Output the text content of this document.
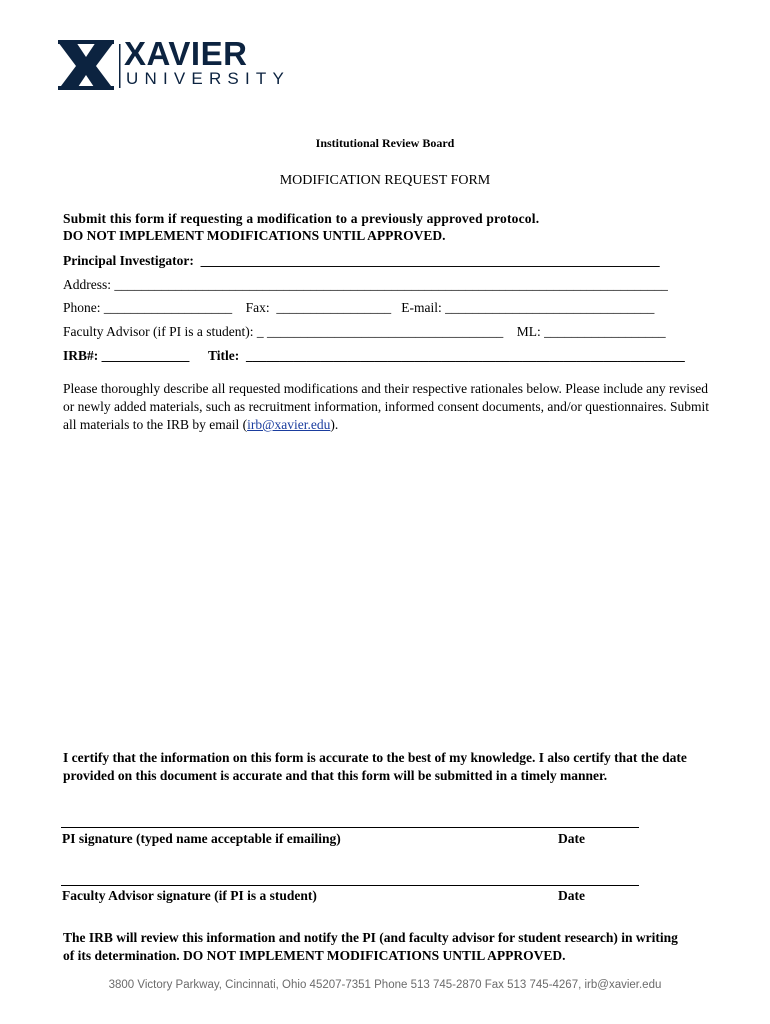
XAVIER
UNIVERSITY
Institutional Review Board
MODIFICATION REQUEST FORM
Submit this form if requesting a modification to a previously approved protocol.
DO NOT IMPLEMENT MODIFICATIONS UNTIL APPROVED.
Principal Investigator:  ____________________________________________________________________
Address: __________________________________________________________________________________
Phone: ___________________    Fax:  _________________   E-mail: _______________________________
Faculty Advisor (if PI is a student): _ ___________________________________    ML: __________________
IRB#: _____________ Title:  _________________________________________________________________
Please thoroughly describe all requested modifications and their respective rationales below. Please include any revised or newly added materials, such as recruitment information, informed consent documents, and/or questionnaires. Submit all materials to the IRB by email (irb@xavier.edu).
I certify that the information on this form is accurate to the best of my knowledge. I also certify that the date provided on this document is accurate and that this form will be submitted in a timely manner.
PI signature (typed name acceptable if emailing)	Date
Faculty Advisor signature (if PI is a student)	Date
The IRB will review this information and notify the PI (and faculty advisor for student research) in writing of its determination. DO NOT IMPLEMENT MODIFICATIONS UNTIL APPROVED.
3800 Victory Parkway, Cincinnati, Ohio 45207-7351 Phone 513 745-2870 Fax 513 745-4267, irb@xavier.edu
